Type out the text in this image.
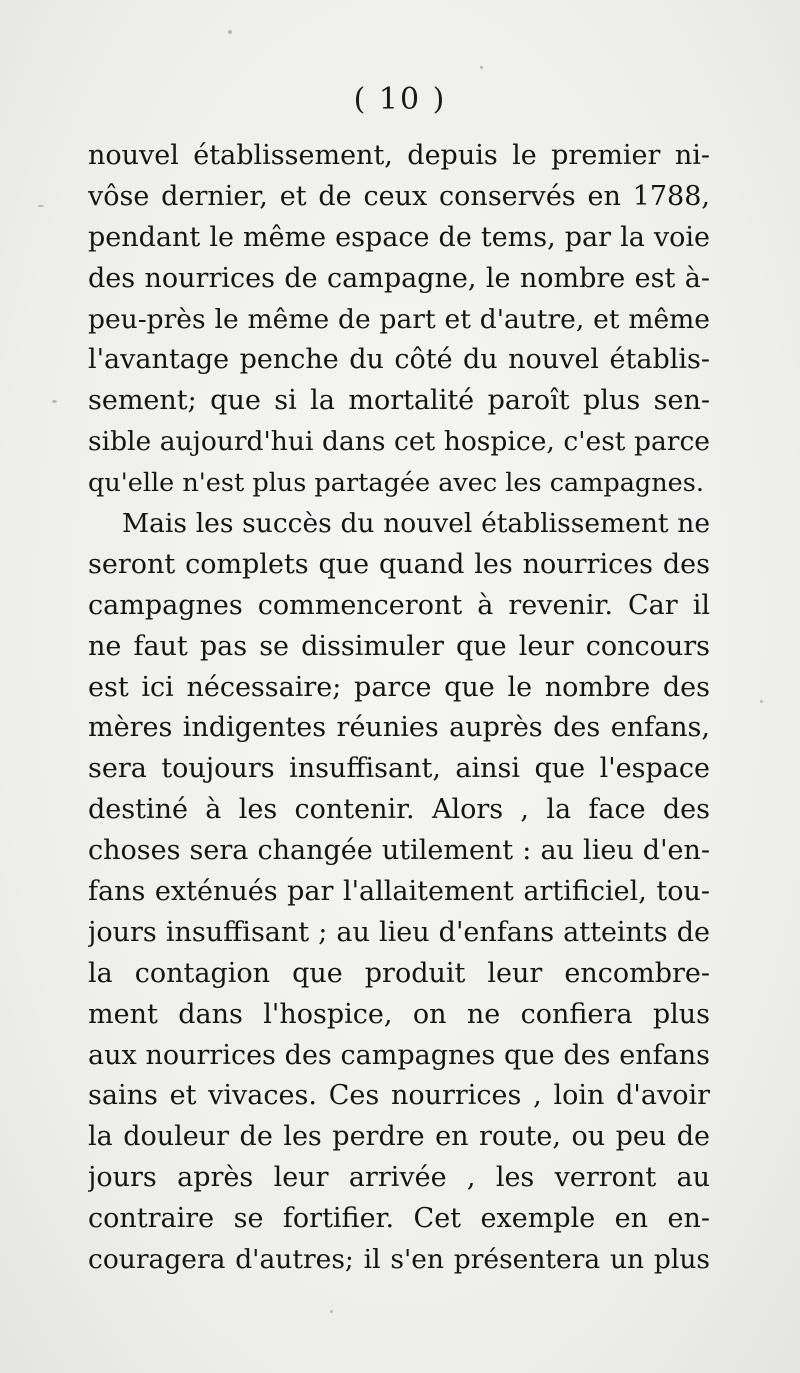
( 10 )
nouvel établissement, depuis le premier ni-
vôse dernier, et de ceux conservés en 1788,
pendant le même espace de tems, par la voie
des nourrices de campagne, le nombre est à-
peu-près le même de part et d'autre, et même
l'avantage penche du côté du nouvel établis-
sement; que si la mortalité paroît plus sen-
sible aujourd'hui dans cet hospice, c'est parce
qu'elle n'est plus partagée avec les campagnes.
Mais les succès du nouvel établissement ne
seront complets que quand les nourrices des
campagnes commenceront à revenir. Car il
ne faut pas se dissimuler que leur concours
est ici nécessaire; parce que le nombre des
mères indigentes réunies auprès des enfans,
sera toujours insuffisant, ainsi que l'espace
destiné à les contenir. Alors , la face des
choses sera changée utilement : au lieu d'en-
fans exténués par l'allaitement artificiel, tou-
jours insuffisant ; au lieu d'enfans atteints de
la contagion que produit leur encombre-
ment dans l'hospice, on ne confiera plus
aux nourrices des campagnes que des enfans
sains et vivaces. Ces nourrices , loin d'avoir
la douleur de les perdre en route, ou peu de
jours après leur arrivée , les verront au
contraire se fortifier. Cet exemple en en-
couragera d'autres; il s'en présentera un plus
